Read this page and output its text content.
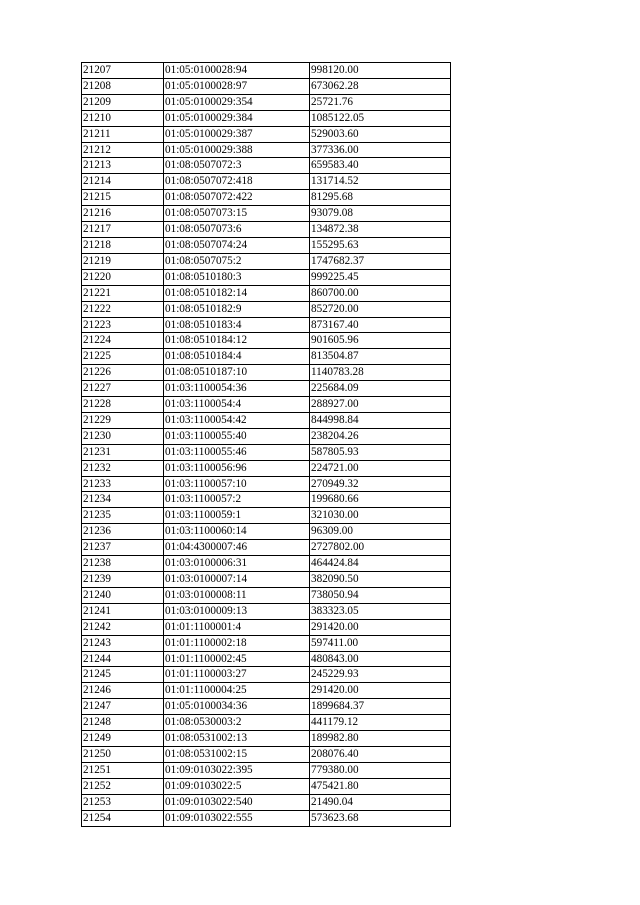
21207	01:05:0100028:94	998120.00
21208	01:05:0100028:97	673062.28
21209	01:05:0100029:354	25721.76
21210	01:05:0100029:384	1085122.05
21211	01:05:0100029:387	529003.60
21212	01:05:0100029:388	377336.00
21213	01:08:0507072:3	659583.40
21214	01:08:0507072:418	131714.52
21215	01:08:0507072:422	81295.68
21216	01:08:0507073:15	93079.08
21217	01:08:0507073:6	134872.38
21218	01:08:0507074:24	155295.63
21219	01:08:0507075:2	1747682.37
21220	01:08:0510180:3	999225.45
21221	01:08:0510182:14	860700.00
21222	01:08:0510182:9	852720.00
21223	01:08:0510183:4	873167.40
21224	01:08:0510184:12	901605.96
21225	01:08:0510184:4	813504.87
21226	01:08:0510187:10	1140783.28
21227	01:03:1100054:36	225684.09
21228	01:03:1100054:4	288927.00
21229	01:03:1100054:42	844998.84
21230	01:03:1100055:40	238204.26
21231	01:03:1100055:46	587805.93
21232	01:03:1100056:96	224721.00
21233	01:03:1100057:10	270949.32
21234	01:03:1100057:2	199680.66
21235	01:03:1100059:1	321030.00
21236	01:03:1100060:14	96309.00
21237	01:04:4300007:46	2727802.00
21238	01:03:0100006:31	464424.84
21239	01:03:0100007:14	382090.50
21240	01:03:0100008:11	738050.94
21241	01:03:0100009:13	383323.05
21242	01:01:1100001:4	291420.00
21243	01:01:1100002:18	597411.00
21244	01:01:1100002:45	480843.00
21245	01:01:1100003:27	245229.93
21246	01:01:1100004:25	291420.00
21247	01:05:0100034:36	1899684.37
21248	01:08:0530003:2	441179.12
21249	01:08:0531002:13	189982.80
21250	01:08:0531002:15	208076.40
21251	01:09:0103022:395	779380.00
21252	01:09:0103022:5	475421.80
21253	01:09:0103022:540	21490.04
21254	01:09:0103022:555	573623.68
